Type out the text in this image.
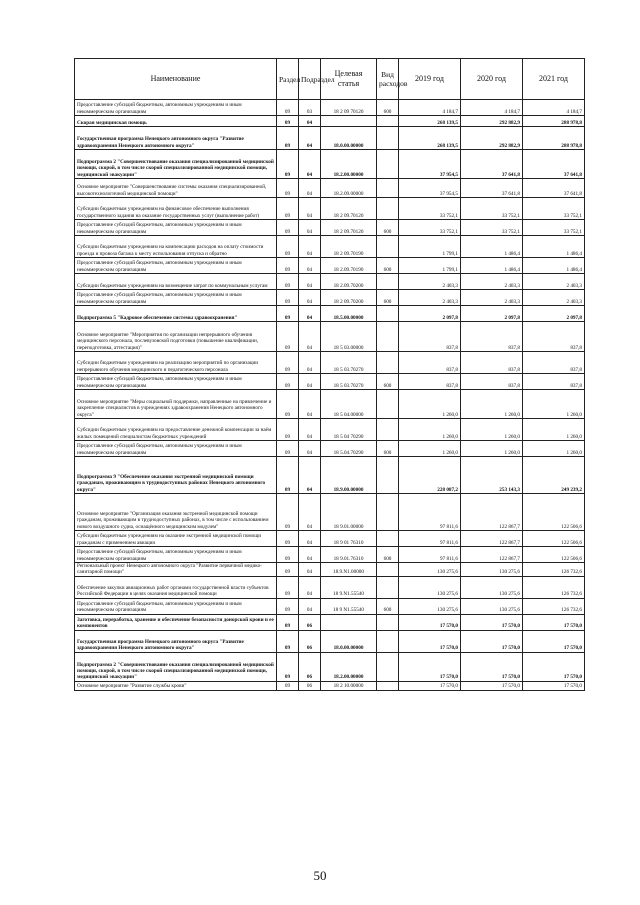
Наименование	Раздел	Подраздел	Целевая статья	Вид расходов	2019 год	2020 год	2021 год
Предоставление субсидий бюджетным, автономным учреждениям и иным некоммерческим организациям	09	03	18 2 09 70120	600	4 184,7	4 184,7	4 184,7
Скорая медицинская помощь	09	04			268 139,5	292 882,9	288 978,8
Государственная программа Ненецкого автономного округа "Развитие здравоохранения Ненецкого автономного округа"	09	04	18.0.00.00000		268 139,5	292 882,9	288 978,8
Подпрограмма 2 "Совершенствование оказания специализированной медицинской помощи, скорой, в том числе скорой специализированной медицинской помощи, медицинской эвакуации"	09	04	18.2.00.00000		37 954,5	37 641,8	37 641,8
Основное мероприятие "Совершенствование системы оказания специализированной, высокотехнологичной медицинской помощи"	09	04	18.2.09.00000		37 954,5	37 641,8	37 641,8
Субсидии бюджетным учреждениям на финансовое обеспечение выполнения государственного задания на оказание государственных услуг (выполнение работ)	09	04	18 2 09.70120		33 752,1	33 752,1	33 752,1
Предоставление субсидий бюджетным, автономным учреждениям и иным некоммерческим организациям	09	04	18 2 09.70120	600	33 752,1	33 752,1	33 752,1
Субсидии бюджетным учреждениям на компенсацию расходов на оплату стоимости проезда и провоза багажа к месту использования отпуска и обратно	09	04	18 2 09.70190		1 799,1	1 486,4	1 486,4
Предоставление субсидий бюджетным, автономным учреждениям и иным некоммерческим организациям	09	04	18 2.09.70190	600	1 799,1	1 486,4	1 486,4
Субсидии бюджетным учреждениям на возмещение затрат по коммунальным услугам	09	04	18 2.09.70200		2 403,3	2 403,3	2 403,3
Предоставление субсидий бюджетным, автономным учреждениям и иным некоммерческим организациям	09	04	18 2 09.70200	600	2 403,3	2 403,3	2 403,3
Подпрограмма 5 "Кадровое обеспечение системы здравоохранения"	09	04	18.5.00.00000		2 097,8	2 097,8	2 097,8
Основное мероприятие "Мероприятия по организации непрерывного обучения медицинского персонала, послевузовской подготовки (повышение квалификации, переподготовка, аттестация)"	09	04	18 5 03.00000		837,8	837,8	837,8
Субсидии бюджетным учреждениям на реализацию мероприятий по организации непрерывного обучения медицинского и педагогического персонала	09	04	18 5 03.70270		837,8	837,8	837,8
Предоставление субсидий бюджетным, автономным учреждениям и иным некоммерческим организациям	09	04	18 5 03.70270	600	837,8	837,8	837,8
Основное мероприятие "Меры социальной поддержки, направленные на привлечение и закрепление специалистов в учреждениях здравоохранения Ненецкого автономного округа"	09	04	18 5 04.00000		1 260,0	1 260,0	1 260,0
Субсидии бюджетным учреждениям на предоставление денежной компенсации за наём жилых помещений специалистам бюджетных учреждений	09	04	18 5 04 70290		1 260,0	1 260,0	1 260,0
Предоставление субсидий бюджетным, автономным учреждениям и иным некоммерческим организациям	09	04	18 5.04.70290	600	1 260,0	1 260,0	1 260,0
Подпрограмма 9 "Обеспечение оказания экстренной медицинской помощи гражданам, проживающим в труднодоступных районах Ненецкого автономного округа"	09	04	18.9.00.00000		228 087,2	253 143,3	249 239,2
Основное мероприятие "Организация оказания экстренной медицинской помощи гражданам, проживающим в труднодоступных районах, в том числе с использованием нового воздушного судна, оснащённого медицинским модулем"	09	04	18 9.01.00000		97 811,6	122 867,7	122 506,6
Субсидии бюджетным учреждениям на оказание экстренной медицинской помощи гражданам с применением авиации	09	04	18 9 01 76310		97 811,6	122 867,7	122 506,6
Предоставление субсидий бюджетным, автономным учреждениям и иным некоммерческим организациям	09	04	18 9.01.76310	600	97 811,6	122 867,7	122 506,6
Региональный проект Ненецкого автономного округа "Развитие первичной медико-санитарной помощи"	09	04	18.9.N1.00000		130 275,6	130 275,6	126 732,6
Обеспечение закупки авиационных работ органами государственной власти субъектов Российской Федерации в целях оказания медицинской помощи	09	04	18 9.N1.55540		130 275,6	130 275,6	126 732,6
Предоставление субсидий бюджетным, автономным учреждениям и иным некоммерческим организациям	09	04	18 9 N1.55540	600	130 275,6	130 275,6	126 732,6
Заготовка, переработка, хранение и обеспечение безопасности донорской крови и ее компонентов	09	06			17 570,0	17 570,0	17 570,0
Государственная программа Ненецкого автономного округа "Развитие здравоохранения Ненецкого автономного округа"	09	06	18.0.00.00000		17 570,0	17 570,0	17 570,0
Подпрограмма 2 "Совершенствование оказания специализированной медицинской помощи, скорой, в том числе скорой специализированной медицинской помощи, медицинской эвакуации"	09	06	18.2.00.00000		17 570,0	17 570,0	17 570,0
Основное мероприятие "Развитие службы крови"	09	06	18 2 10.00000		17 570,0	17 570,0	17 570,0
50
